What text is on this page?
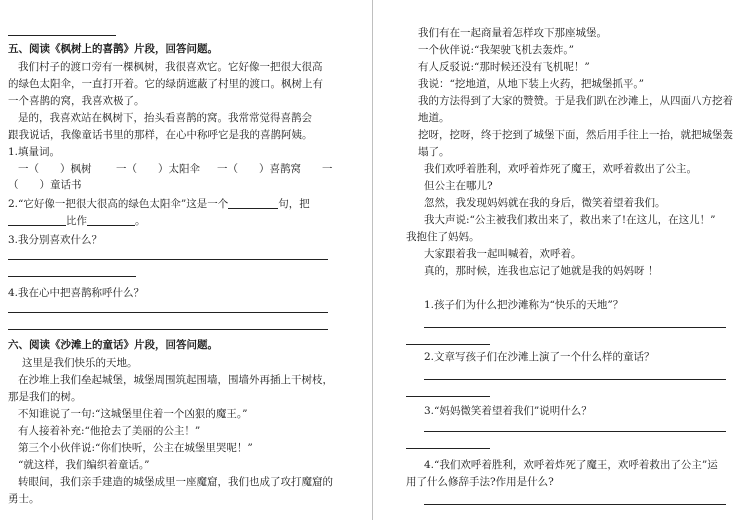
五、阅读《枫树上的喜鹊》片段，回答问题。
我们村子的渡口旁有一棵枫树，我很喜欢它。它好像一把很大很高
的绿色太阳伞，一直打开着。它的绿荫遮蔽了村里的渡口。枫树上有
一个喜鹊的窝，我喜欢极了。
是的，我喜欢站在枫树下，抬头看喜鹊的窝。我常常觉得喜鹊会
跟我说话，我像童话书里的那样，在心中称呼它是我的喜鹊阿姨。
1.填量词。
一（　　）枫树 一（　　）太阳伞 一（　　）喜鹊窝 一
（　　）童话书
2.“它好像一把很大很高的绿色太阳伞”这是一个	句，把
比作	。
3.我分别喜欢什么？
4.我在心中把喜鹊称呼什么？
六、阅读《沙滩上的童话》片段，回答问题。
这里是我们快乐的天地。
在沙堆上我们垒起城堡，城堡周围筑起围墙，围墙外再插上干树枝，
那是我们的树。
不知谁说了一句:“这城堡里住着一个凶狠的魔王。”
有人接着补充:“他抢去了美丽的公主！”
第三个小伙伴说:“你们快听，公主在城堡里哭呢！”
“就这样，我们编织着童话。”
转眼间，我们亲手建造的城堡成里一座魔窟，我们也成了攻打魔窟的
勇士。
我们有在一起商量着怎样攻下那座城堡。
一个伙伴说:“我架驶飞机去轰炸。”
有人反驳说:“那时候还没有飞机呢！”
我说：“挖地道，从地下装上火药，把城堡抓平。”
我的方法得到了大家的赞赞。于是我们趴在沙滩上，从四面八方挖着
地道。
挖呀，挖呀，终于挖到了城堡下面，然后用手往上一抬，就把城堡轰
塌了。
我们欢呼着胜利，欢呼着炸死了魔王，欢呼着救出了公主。
但公主在哪儿?
忽然，我发现妈妈就在我的身后，微笑着望着我们。
我大声说:“公主被我们救出来了，救出来了!在这儿，在这儿！”
我抱住了妈妈。
大家跟着我一起叫喊着，欢呼着。
真的，那时候，连我也忘记了她就是我的妈妈呀 ！
1.孩子们为什么把沙滩称为“快乐的天地”？
2.文章写孩子们在沙滩上演了一个什么样的童话？
3.“妈妈微笑着望着我们”说明什么？
4.“我们欢呼着胜利，欢呼着炸死了魔王，欢呼着救出了公主”运
用了什么修辞手法?作用是什么?
